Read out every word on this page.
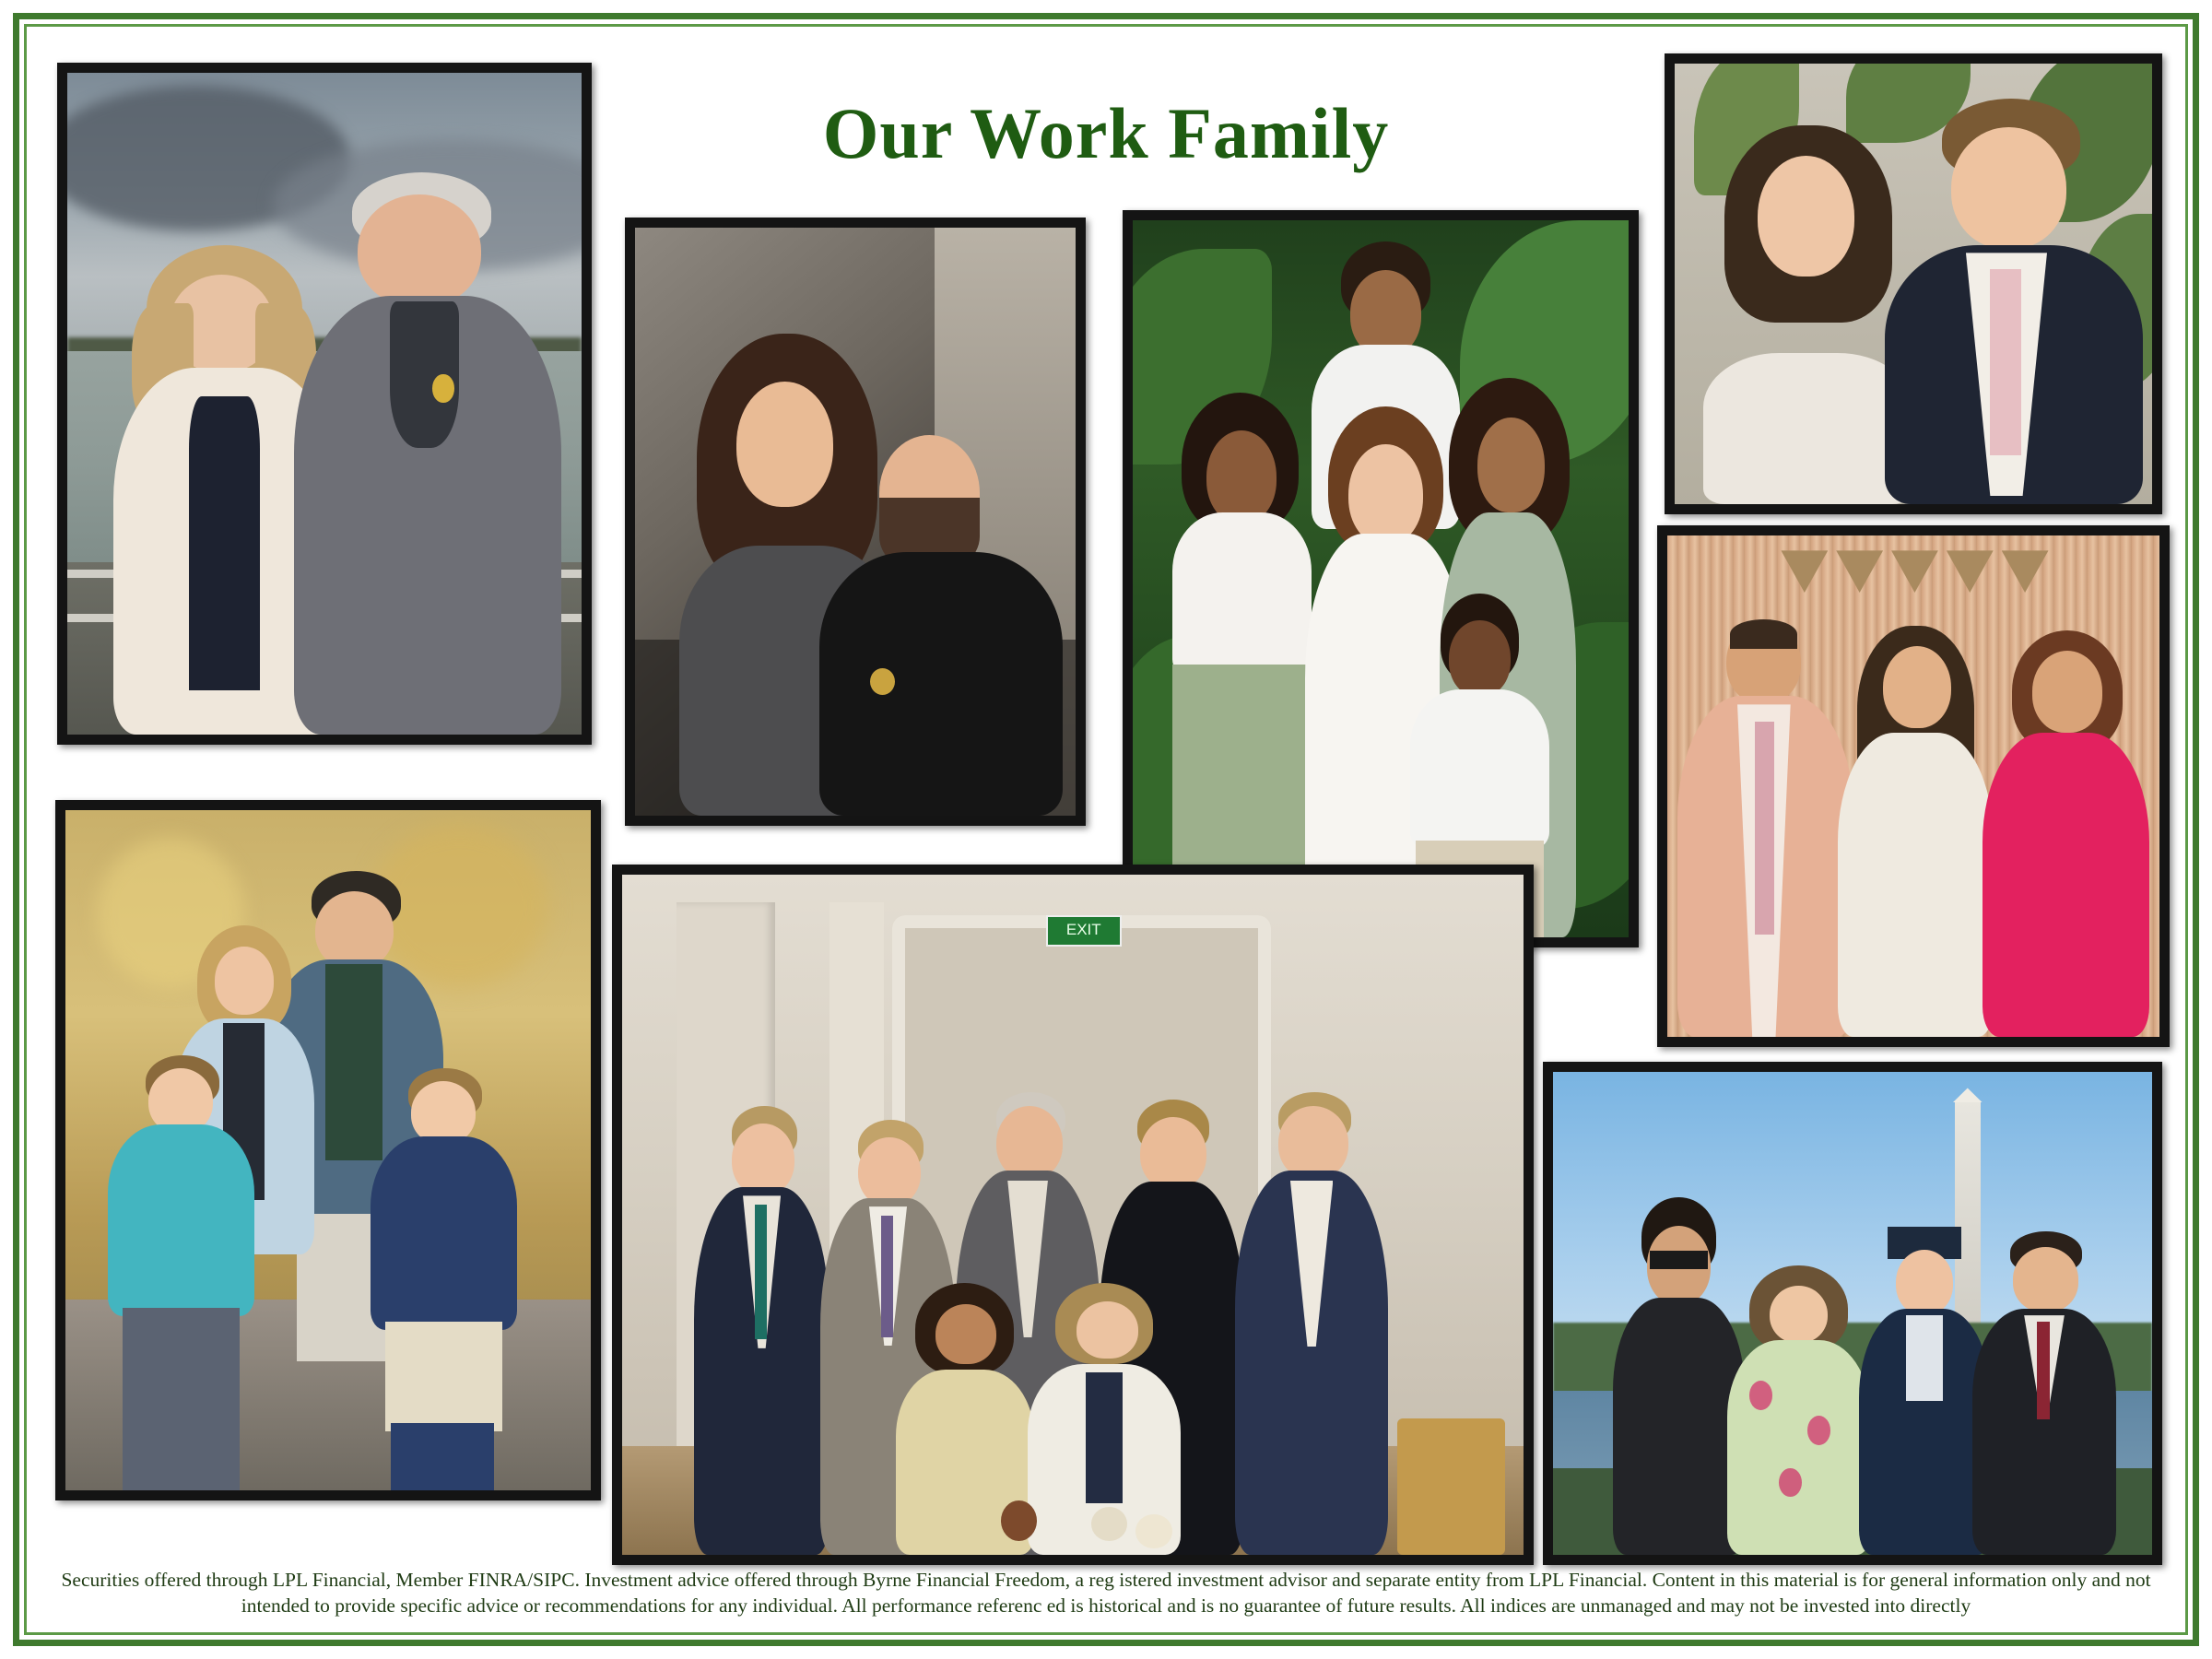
Our Work Family
EXIT
Securities offered through LPL Financial, Member FINRA/SIPC. Investment advice offered through Byrne Financial Freedom, a reg istered investment advisor and separate entity from LPL Financial. Content in this material is for general information only and not intended to provide specific advice or recommendations for any individual. All performance referenc ed is historical and is no guarantee of future results. All indices are unmanaged and may not be invested into directly
